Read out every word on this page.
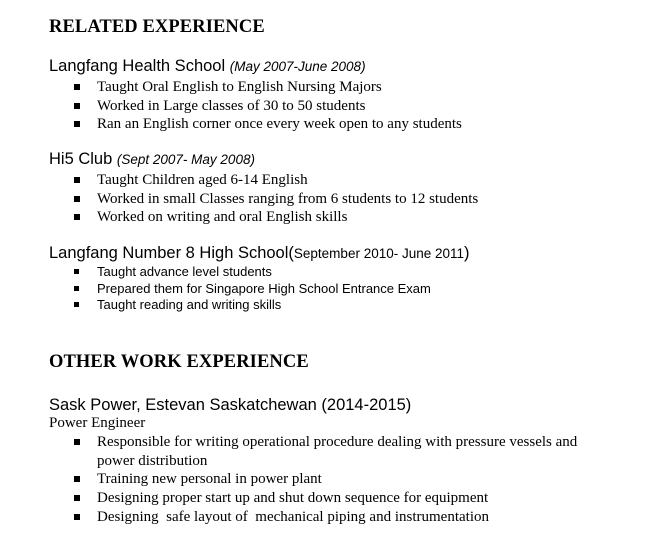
RELATED EXPERIENCE
Langfang Health School (May 2007-June 2008)
Taught Oral English to English Nursing Majors
Worked in Large classes of 30 to 50 students
Ran an English corner once every week open to any students
Hi5 Club (Sept 2007- May 2008)
Taught Children aged 6-14 English
Worked in small Classes ranging from 6 students to 12 students
Worked on writing and oral English skills
Langfang Number 8 High School(September 2010- June 2011)
Taught advance level students
Prepared them for Singapore High School Entrance Exam
Taught reading and writing skills
OTHER WORK EXPERIENCE
Sask Power, Estevan Saskatchewan (2014-2015)
Power Engineer
Responsible for writing operational procedure dealing with pressure vessels and power distribution
Training new personal in power plant
Designing proper start up and shut down sequence for equipment
Designing  safe layout of  mechanical piping and instrumentation
